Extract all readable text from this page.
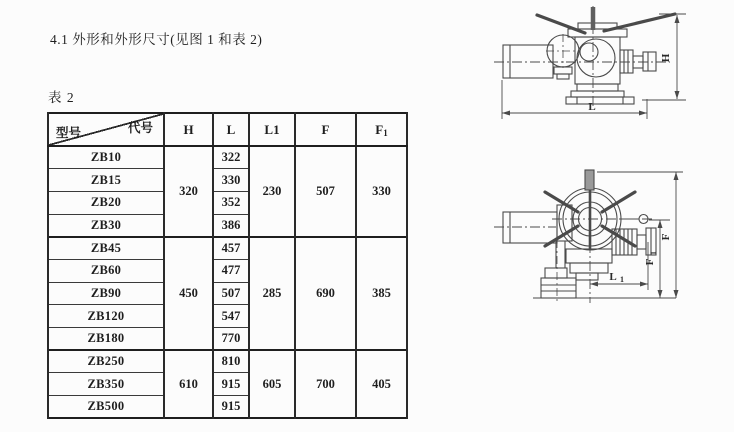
4.1 外形和外形尺寸(见图 1 和表 2)
表 2
型号 代号	H	L	L1	F	$F_1$
ZB10	320	322	230	507	330
ZB15		330			
ZB20		352			
ZB30		386			
ZB45	450	457	285	690	385
ZB60		477			
ZB90		507			
ZB120		547			
ZB180		770			
ZB250	610	810	605	700	405
ZB350		915			
ZB500		915			
H
L
L 1
F
1
F
